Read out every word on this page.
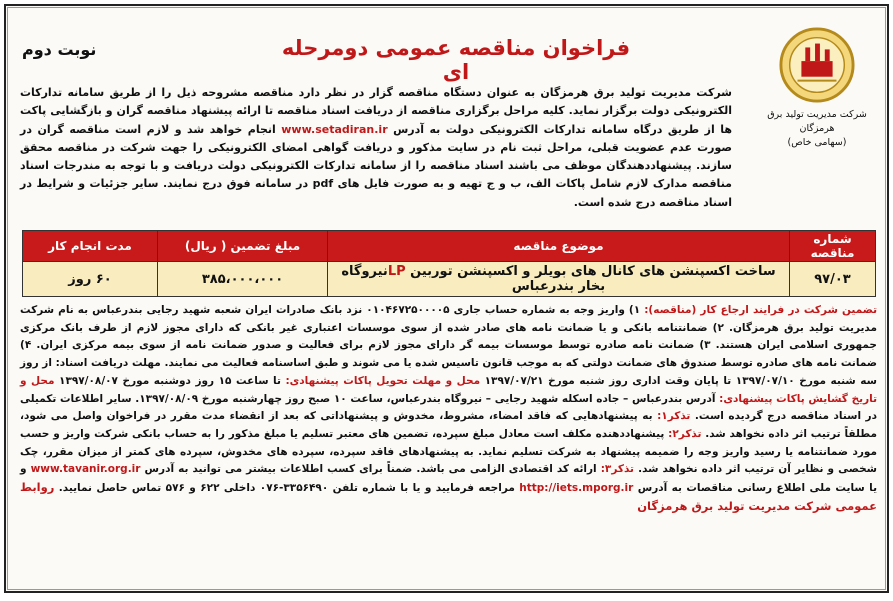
نوبت دوم	فراخوان مناقصه عمومی دومرحله ای
شرکت مدیریت تولید برق هرمزگان
(سهامی خاص)
شرکت مدیریت تولید برق هرمزگان به عنوان دستگاه مناقصه گزار در نظر دارد مناقصه مشروحه ذیل را از طریق سامانه تدارکات الکترونیکی دولت برگزار نماید. کلیه مراحل برگزاری مناقصه از دریافت اسناد مناقصه تا ارائه پیشنهاد مناقصه گران و بازگشایی پاکت ها از طریق درگاه سامانه تدارکات الکترونیکی دولت به آدرس www.setadiran.ir انجام خواهد شد و لازم است مناقصه گران در صورت عدم عضویت قبلی، مراحل ثبت نام در سایت مذکور و دریافت گواهی امضای الکترونیکی را جهت شرکت در مناقصه محقق سازند. پیشنهاددهندگان موظف می باشند اسناد مناقصه را از سامانه تدارکات الکترونیکی دولت دریافت و با توجه به مندرجات اسناد مناقصه مدارک لازم شامل پاکات الف، ب و ج تهیه و به صورت فایل های pdf در سامانه فوق درج نمایند. سایر جزئیات و شرایط در اسناد مناقصه درج شده است.
شماره مناقصه	موضوع مناقصه	مبلغ تضمین ( ریال)	مدت انجام کار
۹۷/۰۳	ساخت اکسپنشن های کانال های بویلر و اکسپنشن توربین LPنیروگاه بخار بندرعباس	۳۸۵،۰۰۰،۰۰۰	۶۰ روز
تضمین شرکت در فرایند ارجاع کار (مناقصه): ۱) واریز وجه به شماره حساب جاری ۰۱۰۴۶۷۲۵۰۰۰۰۵ نزد بانک صادرات ایران شعبه شهید رجایی بندرعباس به نام شرکت مدیریت تولید برق هرمزگان. ۲) ضمانتنامه بانکی و یا ضمانت نامه های صادر شده از سوی موسسات اعتباری غیر بانکی که دارای مجوز لازم از طرف بانک مرکزی جمهوری اسلامی ایران هستند. ۳) ضمانت نامه صادره توسط موسسات بیمه گر دارای مجوز لازم برای فعالیت و صدور ضمانت نامه از سوی بیمه مرکزی ایران. ۴) ضمانت نامه های صادره توسط صندوق های ضمانت دولتی که به موجب قانون تاسیس شده یا می شوند و طبق اساسنامه فعالیت می نمایند. مهلت دریافت اسناد: از روز سه شنبه مورخ ۱۳۹۷/۰۷/۱۰ تا پایان وقت اداری روز شنبه مورخ ۱۳۹۷/۰۷/۲۱ محل و مهلت تحویل پاکات پیشنهادی: تا ساعت ۱۵ روز دوشنبه مورخ ۱۳۹۷/۰۸/۰۷ محل و تاریخ گشایش پاکات پیشنهادی: آدرس بندرعباس – جاده اسکله شهید رجایی – نیروگاه بندرعباس، ساعت ۱۰ صبح روز چهارشنبه مورخ ۱۳۹۷/۰۸/۰۹. سایر اطلاعات تکمیلی در اسناد مناقصه درج گردیده است. تذکر۱: به پیشنهادهایی که فاقد امضاء، مشروط، مخدوش و پیشنهاداتی که بعد از انقضاء مدت مقرر در فراخوان واصل می شود، مطلقاً ترتیب اثر داده نخواهد شد. تذکر۲: پیشنهاددهنده مکلف است معادل مبلغ سپرده، تضمین های معتبر تسلیم یا مبلغ مذکور را به حساب بانکی شرکت واریز و حسب مورد ضمانتنامه یا رسید واریز وجه را ضمیمه پیشنهاد به شرکت تسلیم نماید. به پیشنهادهای فاقد سپرده، سپرده های مخدوش، سپرده های کمتر از میزان مقرر، چک شخصی و نظایر آن ترتیب اثر داده نخواهد شد. تذکر۳: ارائه کد اقتصادی الزامی می باشد. ضمناً برای کسب اطلاعات بیشتر می توانید به آدرس www.tavanir.org.ir و یا سایت ملی اطلاع رسانی مناقصات به آدرس http://iets.mporg.ir مراجعه فرمایید و یا با شماره تلفن ۳۳۵۶۴۹۰-۰۷۶ داخلی ۶۲۲ و ۵۷۶ تماس حاصل نمایید. روابط عمومی شرکت مدیریت تولید برق هرمزگان
